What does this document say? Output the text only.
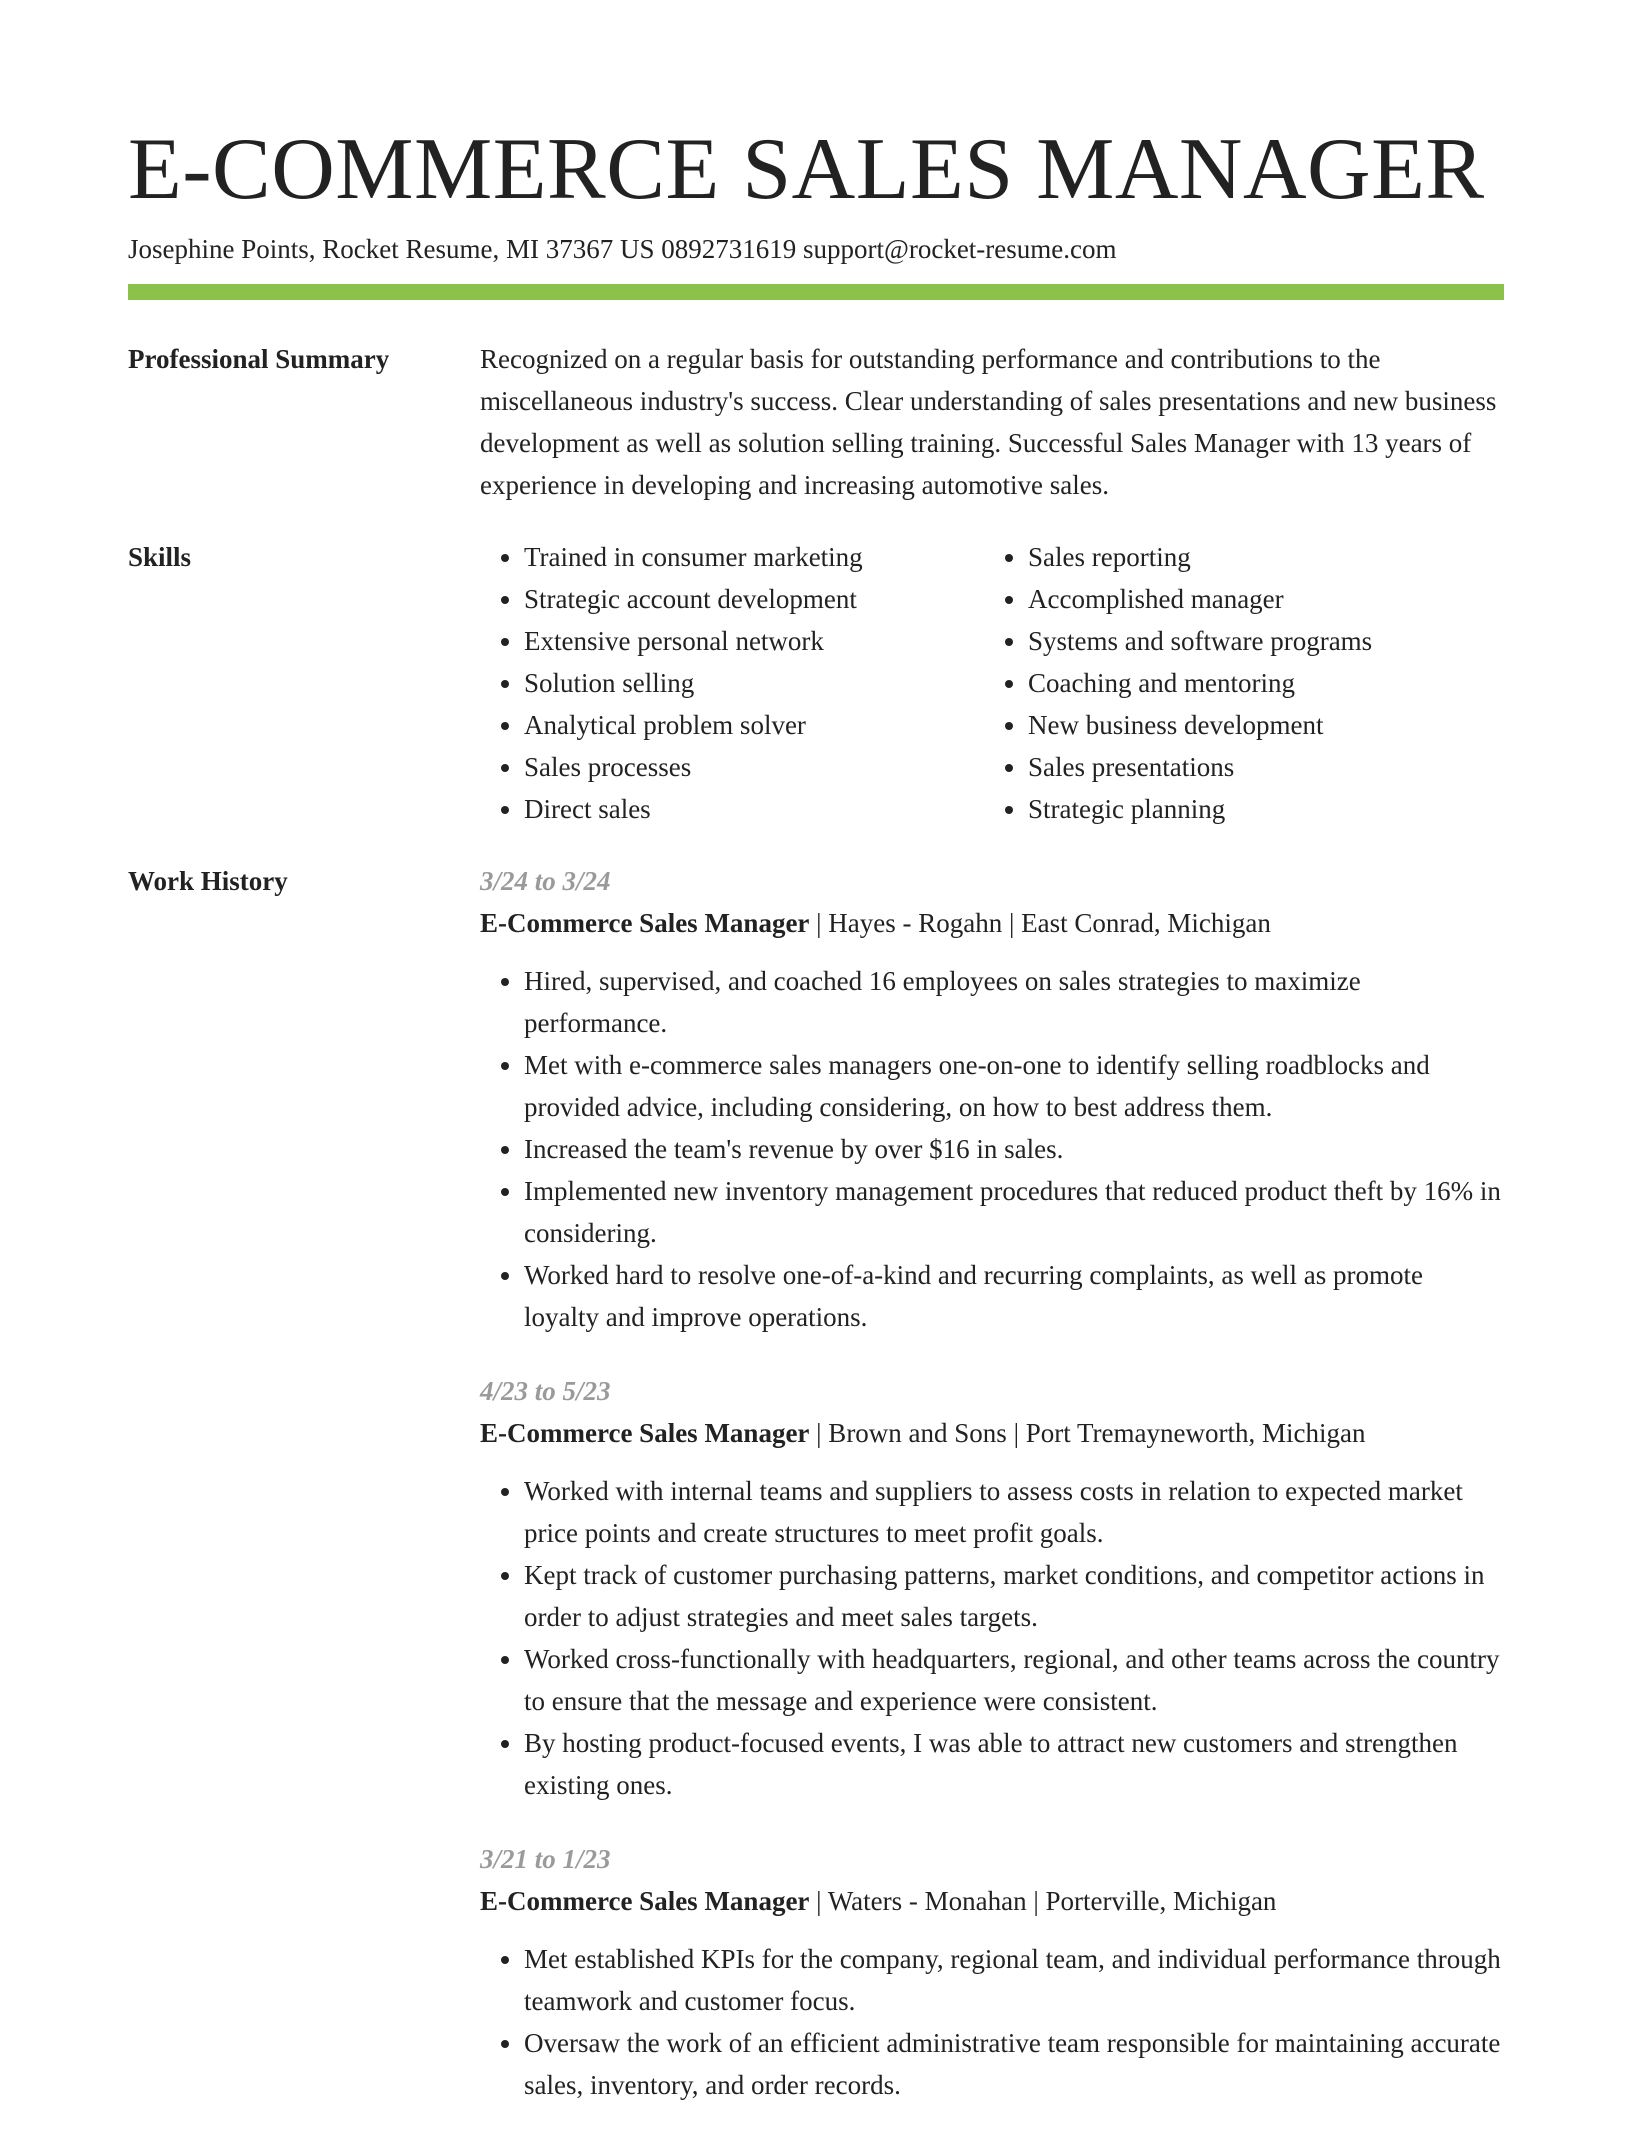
E-COMMERCE SALES MANAGER
Josephine Points, Rocket Resume, MI 37367 US 0892731619 support@rocket-resume.com
Professional Summary	Recognized on a regular basis for outstanding performance and contributions to the miscellaneous industry's success. Clear understanding of sales presentations and new business development as well as solution selling training. Successful Sales Manager with 13 years of experience in developing and increasing automotive sales.

Skills
•	Trained in consumer marketing
• Strategic account development
• Extensive personal network
• Solution selling
• Analytical problem solver
• Sales processes
• Direct sales
• Sales reporting
• Accomplished manager
• Systems and software programs
• Coaching and mentoring
• New business development
• Sales presentations
• Strategic planning
Work History	3/24 to 3/24
E-Commerce Sales Manager | Hayes - Rogahn | East Conrad, Michigan
• Hired, supervised, and coached 16 employees on sales strategies to maximize performance.
• Met with e-commerce sales managers one-on-one to identify selling roadblocks and provided advice, including considering, on how to best address them.
• Increased the team's revenue by over $16 in sales.
• Implemented new inventory management procedures that reduced product theft by 16% in considering.
• Worked hard to resolve one-of-a-kind and recurring complaints, as well as promote loyalty and improve operations.
4/23 to 5/23
E-Commerce Sales Manager | Brown and Sons | Port Tremayneworth, Michigan
• Worked with internal teams and suppliers to assess costs in relation to expected market price points and create structures to meet profit goals.
• Kept track of customer purchasing patterns, market conditions, and competitor actions in order to adjust strategies and meet sales targets.
• Worked cross-functionally with headquarters, regional, and other teams across the country to ensure that the message and experience were consistent.
• By hosting product-focused events, I was able to attract new customers and strengthen existing ones.
3/21 to 1/23
E-Commerce Sales Manager | Waters - Monahan | Porterville, Michigan
• Met established KPIs for the company, regional team, and individual performance through teamwork and customer focus.
• Oversaw the work of an efficient administrative team responsible for maintaining accurate sales, inventory, and order records.
